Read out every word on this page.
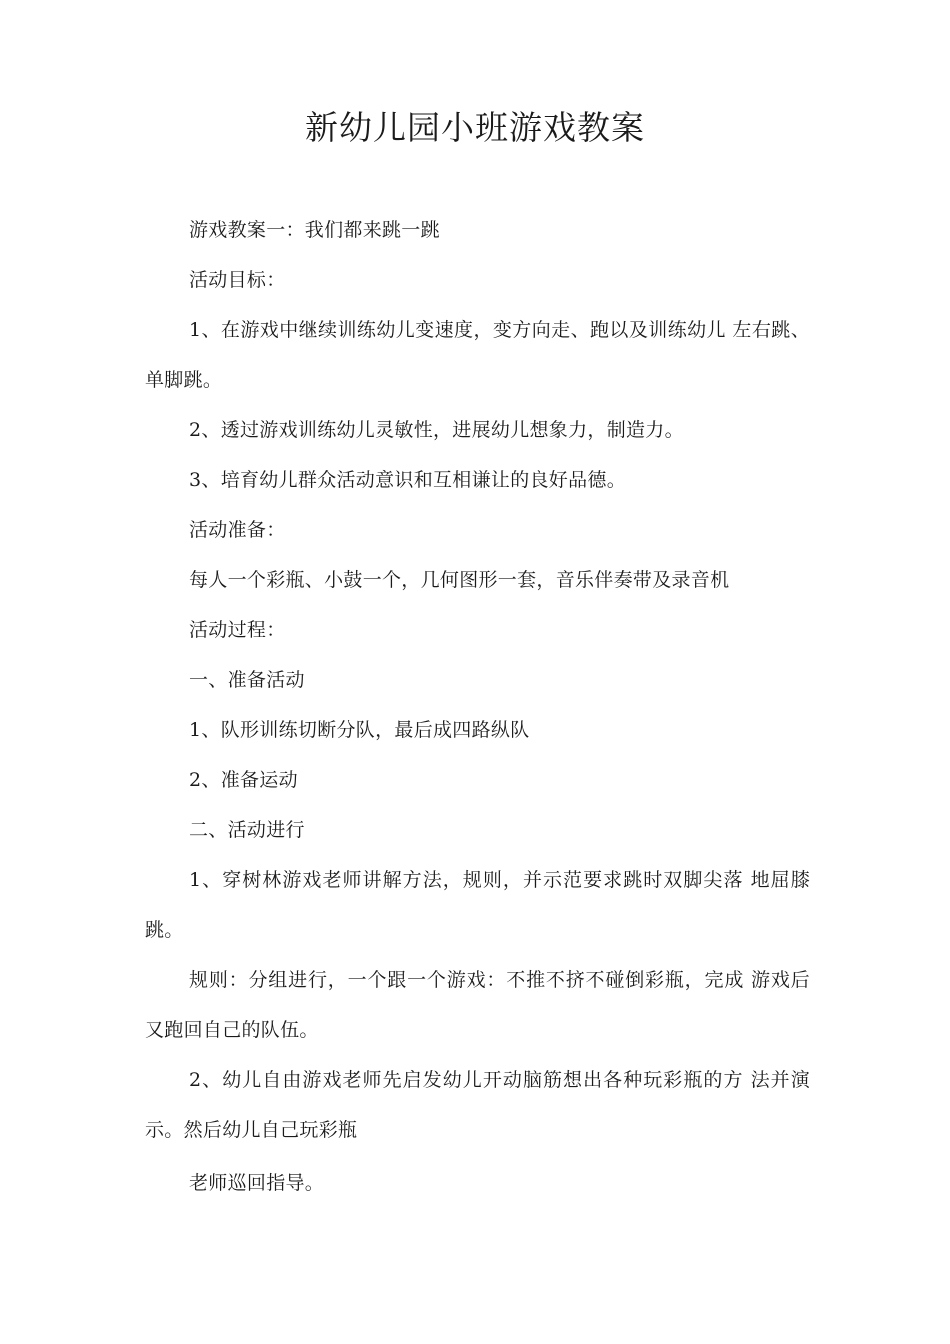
新幼儿园小班游戏教案

游戏教案一：我们都来跳一跳

活动目标：

1、在游戏中继续训练幼儿变速度，变方向走、跑以及训练幼儿 左右跳、单脚跳。

2、透过游戏训练幼儿灵敏性，进展幼儿想象力，制造力。

3、培育幼儿群众活动意识和互相谦让的良好品德。

活动准备：

每人一个彩瓶、小鼓一个，几何图形一套，音乐伴奏带及录音机

活动过程：

一、准备活动

1、队形训练切断分队，最后成四路纵队

2、准备运动

二、活动进行

1、穿树林游戏老师讲解方法，规则，并示范要求跳时双脚尖落 地屈膝跳。

规则：分组进行，一个跟一个游戏：不推不挤不碰倒彩瓶，完成 游戏后又跑回自己的队伍。

2、幼儿自由游戏老师先启发幼儿开动脑筋想出各种玩彩瓶的方 法并演示。然后幼儿自己玩彩瓶

老师巡回指导。
